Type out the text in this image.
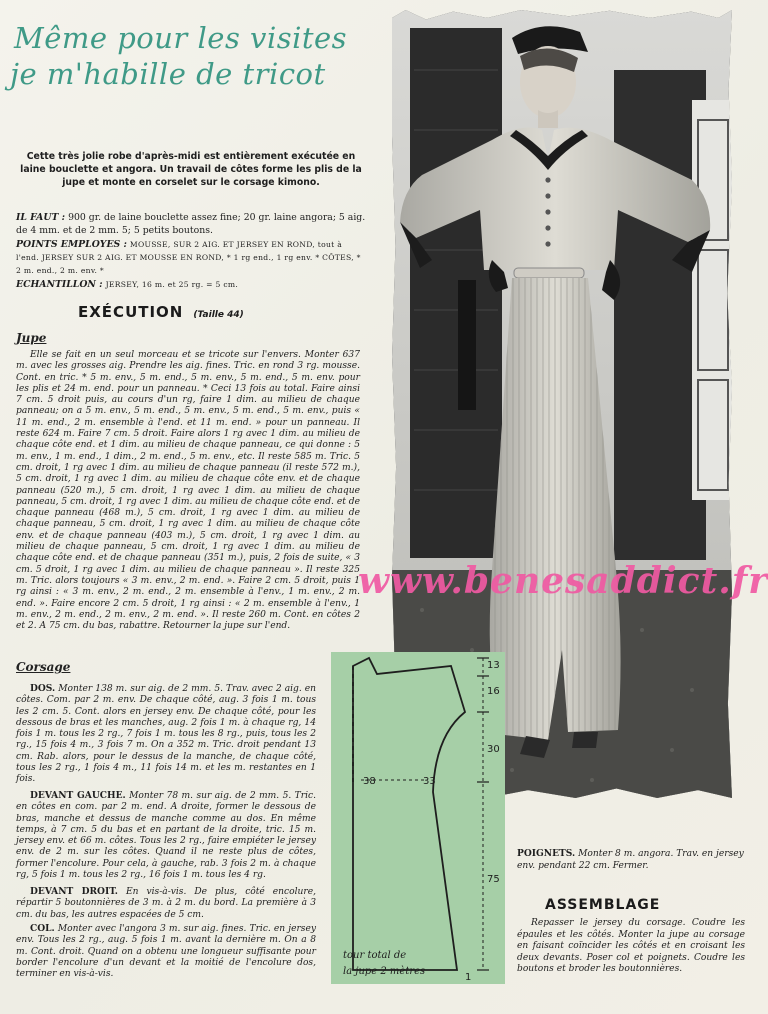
Même pour les visites
je m'habille de tricot
Cette très jolie robe d'après-midi est entièrement exécutée en laine bouclette et angora. Un travail de côtes forme les plis de la jupe et monte en corselet sur le corsage kimono.
IL FAUT : 900 gr. de laine bouclette assez fine; 20 gr. laine angora; 5 aig. de 4 mm. et de 2 mm. 5; 5 petits boutons.
POINTS EMPLOYES : MOUSSE, SUR 2 AIG. ET JERSEY EN ROND, tout à l'end. JERSEY SUR 2 AIG. ET MOUSSE EN ROND, * 1 rg end., 1 rg env. * CÔTES, * 2 m. end., 2 m. env. *
ECHANTILLON : JERSEY, 16 m. et 25 rg. = 5 cm.
EXÉCUTION (Taille 44)
Jupe

Elle se fait en un seul morceau et se tricote sur l'envers. Monter 637 m. avec les grosses aig. Prendre les aig. fines. Tric. en rond 3 rg. mousse. Cont. en tric. * 5 m. env., 5 m. end., 5 m. env., 5 m. end., 5 m. env. pour les plis et 24 m. end. pour un panneau. * Ceci 13 fois au total. Faire ainsi 7 cm. 5 droit puis, au cours d'un rg, faire 1 dim. au milieu de chaque panneau; on a 5 m. env., 5 m. end., 5 m. env., 5 m. end., 5 m. env., puis « 11 m. end., 2 m. ensemble à l'end. et 11 m. end. » pour un panneau. Il reste 624 m. Faire 7 cm. 5 droit. Faire alors 1 rg avec 1 dim. au milieu de chaque côte end. et 1 dim. au milieu de chaque panneau, ce qui donne : 5 m. env., 1 m. end., 1 dim., 2 m. end., 5 m. env., etc. Il reste 585 m. Tric. 5 cm. droit, 1 rg avec 1 dim. au milieu de chaque panneau (il reste 572 m.), 5 cm. droit, 1 rg avec 1 dim. au milieu de chaque côte env. et de chaque panneau (520 m.), 5 cm. droit, 1 rg avec 1 dim. au milieu de chaque panneau, 5 cm. droit, 1 rg avec 1 dim. au milieu de chaque côte end. et de chaque panneau (468 m.), 5 cm. droit, 1 rg avec 1 dim. au milieu de chaque panneau, 5 cm. droit, 1 rg avec 1 dim. au milieu de chaque côte env. et de chaque panneau (403 m.), 5 cm. droit, 1 rg avec 1 dim. au milieu de chaque panneau, 5 cm. droit, 1 rg avec 1 dim. au milieu de chaque côte end. et de chaque panneau (351 m.), puis, 2 fois de suite, « 3 cm. 5 droit, 1 rg avec 1 dim. au milieu de chaque panneau ». Il reste 325 m. Tric. alors toujours « 3 m. env., 2 m. end. ». Faire 2 cm. 5 droit, puis 1 rg ainsi : « 3 m. env., 2 m. end., 2 m. ensemble à l'env., 1 m. env., 2 m. end. ». Faire encore 2 cm. 5 droit, 1 rg ainsi : « 2 m. ensemble à l'env., 1 m. env., 2 m. end., 2 m. env., 2 m. end. ». Il reste 260 m. Cont. en côtes 2 et 2. A 75 cm. du bas, rabattre. Retourner la jupe sur l'end.

Corsage

DOS. Monter 138 m. sur aig. de 2 mm. 5. Trav. avec 2 aig. en côtes. Com. par 2 m. env. De chaque côté, aug. 3 fois 1 m. tous les 2 cm. 5. Cont. alors en jersey env. De chaque côté, pour les dessous de bras et les manches, aug. 2 fois 1 m. à chaque rg, 14 fois 1 m. tous les 2 rg., 7 fois 1 m. tous les 8 rg., puis, tous les 2 rg., 15 fois 4 m., 3 fois 7 m. On a 352 m. Tric. droit pendant 13 cm. Rab. alors, pour le dessus de la manche, de chaque côté, tous les 2 rg., 1 fois 4 m., 11 fois 14 m. et les m. restantes en 1 fois.

DEVANT GAUCHE. Monter 78 m. sur aig. de 2 mm. 5. Tric. en côtes en com. par 2 m. end. A droite, former le dessous de bras, manche et dessus de manche comme au dos. En même temps, à 7 cm. 5 du bas et en partant de la droite, tric. 15 m. jersey env. et 66 m. côtes. Tous les 2 rg., faire empiéter le jersey env. de 2 m. sur les côtes. Quand il ne reste plus de côtes, former l'encolure. Pour cela, à gauche, rab. 3 fois 2 m. à chaque rg, 5 fois 1 m. tous les 2 rg., 16 fois 1 m. tous les 4 rg.

DEVANT DROIT. En vis-à-vis. De plus, côté encolure, répartir 5 boutonnières de 3 m. à 2 m. du bord. La première à 3 cm. du bas, les autres espacées de 5 cm.

COL. Monter avec l'angora 3 m. sur aig. fines. Tric. en jersey env. Tous les 2 rg., aug. 5 fois 1 m. avant la dernière m. On a 8 m. Cont. droit. Quand on a obtenu une longueur suffisante pour border l'encolure d'un devant et la moitié de l'encolure dos, terminer en vis-à-vis.

www.benesaddict.fr
13
16
30
38	33
75
1
tour total de
la jupe 2 mètres
POIGNETS. Monter 8 m. angora. Trav. en jersey env. pendant 22 cm. Fermer.
ASSEMBLAGE

Repasser le jersey du corsage. Coudre les épaules et les côtés. Monter la jupe au corsage en faisant coïncider les côtés et en croisant les deux devants. Poser col et poignets. Coudre les boutons et broder les boutonnières.
